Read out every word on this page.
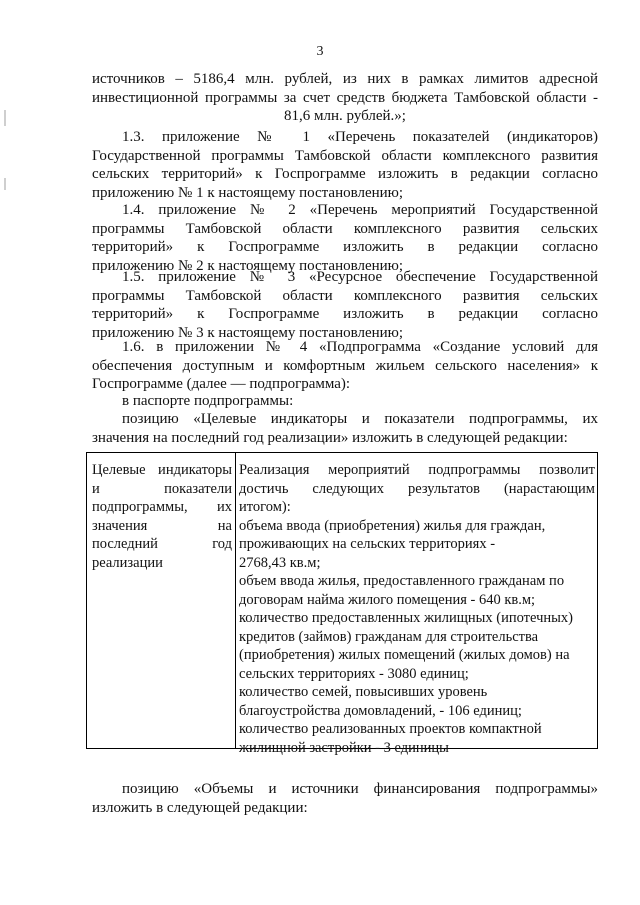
3
источников – 5186,4 млн. рублей, из них в рамках лимитов адресной
инвестиционной программы за счет средств бюджета Тамбовской области -
81,6 млн. рублей.»;
1.3. приложение № 1 «Перечень показателей (индикаторов)
Государственной программы Тамбовской области комплексного развития
сельских территорий» к Госпрограмме изложить в редакции согласно
приложению № 1 к настоящему постановлению;
1.4. приложение № 2 «Перечень мероприятий Государственной
программы Тамбовской области комплексного развития сельских
территорий» к Госпрограмме изложить в редакции согласно
приложению № 2 к настоящему постановлению;
1.5. приложение № 3 «Ресурсное обеспечение Государственной
программы Тамбовской области комплексного развития сельских
территорий» к Госпрограмме изложить в редакции согласно
приложению № 3 к настоящему постановлению;
1.6. в приложении № 4 «Подпрограмма «Создание условий для
обеспечения доступным и комфортным жильем сельского населения» к
Госпрограмме (далее — подпрограмма):
в паспорте подпрограммы:
позицию «Целевые индикаторы и показатели подпрограммы, их
значения на последний год реализации» изложить в следующей редакции:
Целевые индикаторы
и показатели
подпрограммы, их
значения на
последний год
реализации
Реализация мероприятий подпрограммы позволит
достичь следующих результатов (нарастающим
итогом):
объема ввода (приобретения) жилья для граждан,
проживающих на сельских территориях -
2768,43 кв.м;
объем ввода жилья, предоставленного гражданам по
договорам найма жилого помещения - 640 кв.м;
количество предоставленных жилищных (ипотечных)
кредитов (займов) гражданам для строительства
(приобретения) жилых помещений (жилых домов) на
сельских территориях - 3080 единиц;
количество семей, повысивших уровень
благоустройства домовладений, - 106 единиц;
количество реализованных проектов компактной
жилищной застройки - 3 единицы
позицию «Объемы и источники финансирования подпрограммы»
изложить в следующей редакции:
